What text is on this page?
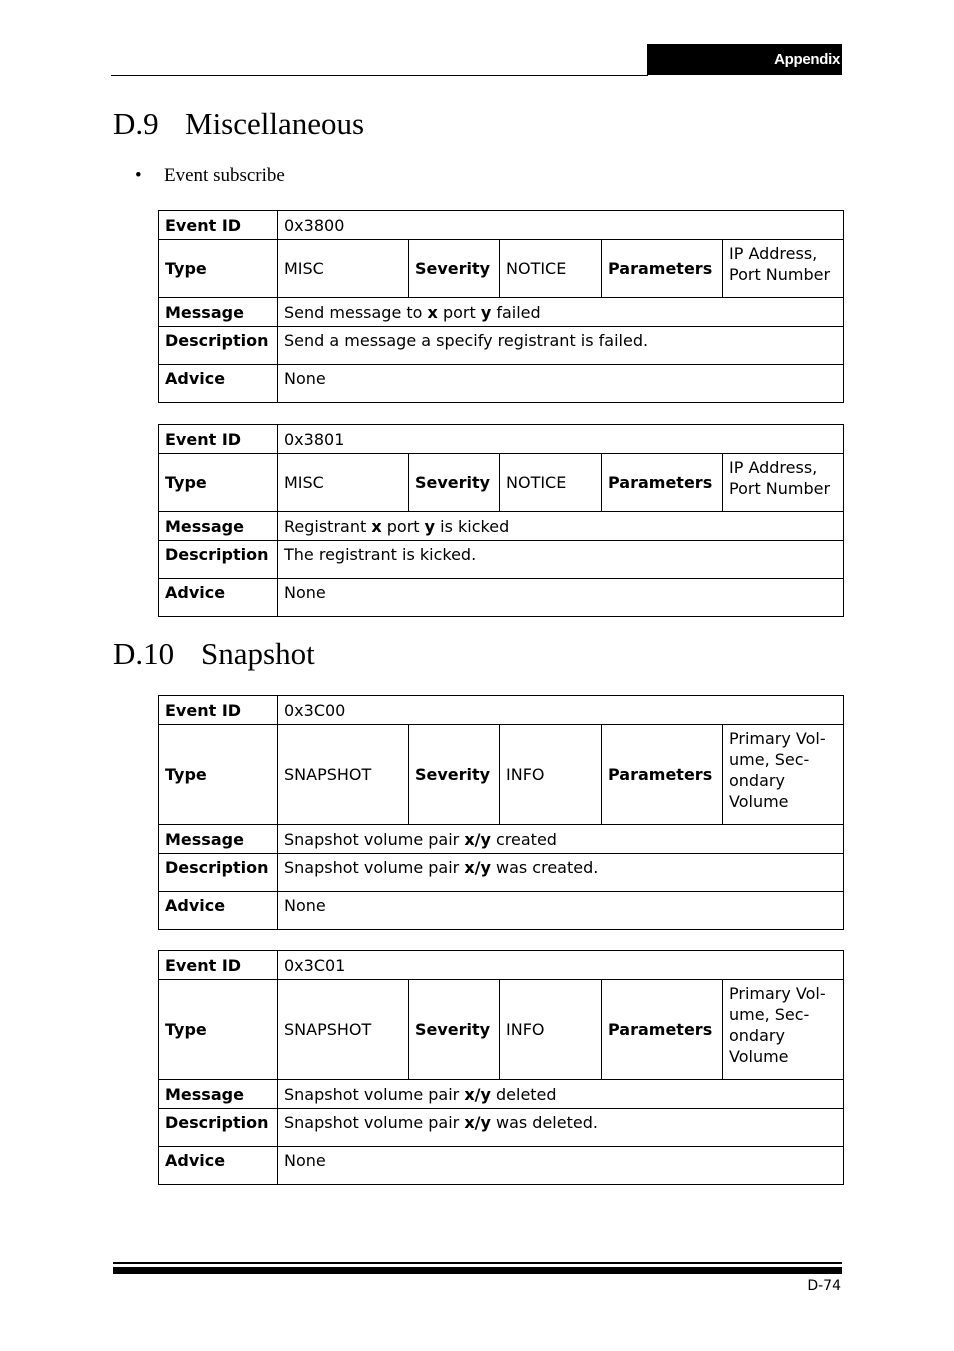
Appendix
D.9 Miscellaneous
• Event subscribe
Event ID	0x3800				
Type	MISC	Severity	NOTICE	Parameters	IP Address,
Port Number

Message	Send message to x port y failed				
Description	Send a message a specify registrant is failed.				
Advice	None				
Event ID	0x3801				
Type	MISC	Severity	NOTICE	Parameters	IP Address,
Port Number

Message	Registrant x port y is kicked				
Description	The registrant is kicked.				
Advice	None				
D.10 Snapshot
Event ID	0x3C00				
Type	SNAPSHOT	Severity	INFO	Parameters	Primary Vol-
ume, Sec-
ondary
Volume

Message	Snapshot volume pair x/y created				
Description	Snapshot volume pair x/y was created.				
Advice	None				
Event ID	0x3C01				
Type	SNAPSHOT	Severity	INFO	Parameters	Primary Vol-
ume, Sec-
ondary
Volume

Message	Snapshot volume pair x/y deleted				
Description	Snapshot volume pair x/y was deleted.				
Advice	None				
D-74
